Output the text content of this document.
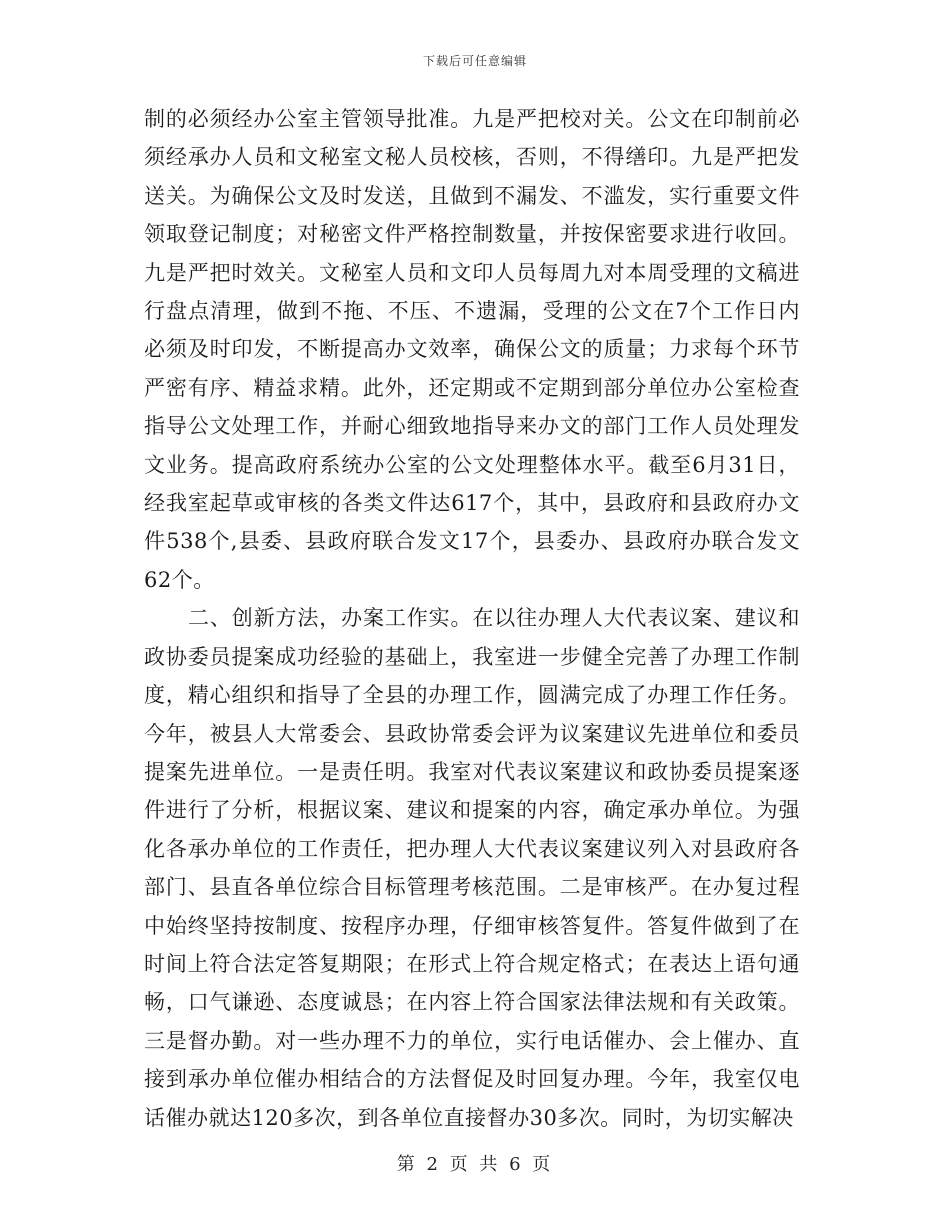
下载后可任意编辑

制的必须经办公室主管领导批准。九是严把校对关。公文在印制前必须经承办人员和文秘室文秘人员校核，否则，不得缮印。九是严把发送关。为确保公文及时发送，且做到不漏发、不滥发，实行重要文件领取登记制度；对秘密文件严格控制数量，并按保密要求进行收回。九是严把时效关。文秘室人员和文印人员每周九对本周受理的文稿进行盘点清理，做到不拖、不压、不遗漏，受理的公文在7个工作日内必须及时印发，不断提高办文效率，确保公文的质量；力求每个环节严密有序、精益求精。此外，还定期或不定期到部分单位办公室检查指导公文处理工作，并耐心细致地指导来办文的部门工作人员处理发文业务。提高政府系统办公室的公文处理整体水平。截至6月31日，经我室起草或审核的各类文件达617个，其中，县政府和县政府办文件538个,县委、县政府联合发文17个，县委办、县政府办联合发文62个。

二、创新方法，办案工作实。在以往办理人大代表议案、建议和政协委员提案成功经验的基础上，我室进一步健全完善了办理工作制度，精心组织和指导了全县的办理工作，圆满完成了办理工作任务。今年，被县人大常委会、县政协常委会评为议案建议先进单位和委员提案先进单位。一是责任明。我室对代表议案建议和政协委员提案逐件进行了分析，根据议案、建议和提案的内容，确定承办单位。为强化各承办单位的工作责任，把办理人大代表议案建议列入对县政府各部门、县直各单位综合目标管理考核范围。二是审核严。在办复过程中始终坚持按制度、按程序办理，仔细审核答复件。答复件做到了在时间上符合法定答复期限；在形式上符合规定格式；在表达上语句通畅，口气谦逊、态度诚恳；在内容上符合国家法律法规和有关政策。三是督办勤。对一些办理不力的单位，实行电话催办、会上催办、直接到承办单位催办相结合的方法督促及时回复办理。今年，我室仅电话催办就达120多次，到各单位直接督办30多次。同时，为切实解决

第 2 页 共 6 页
